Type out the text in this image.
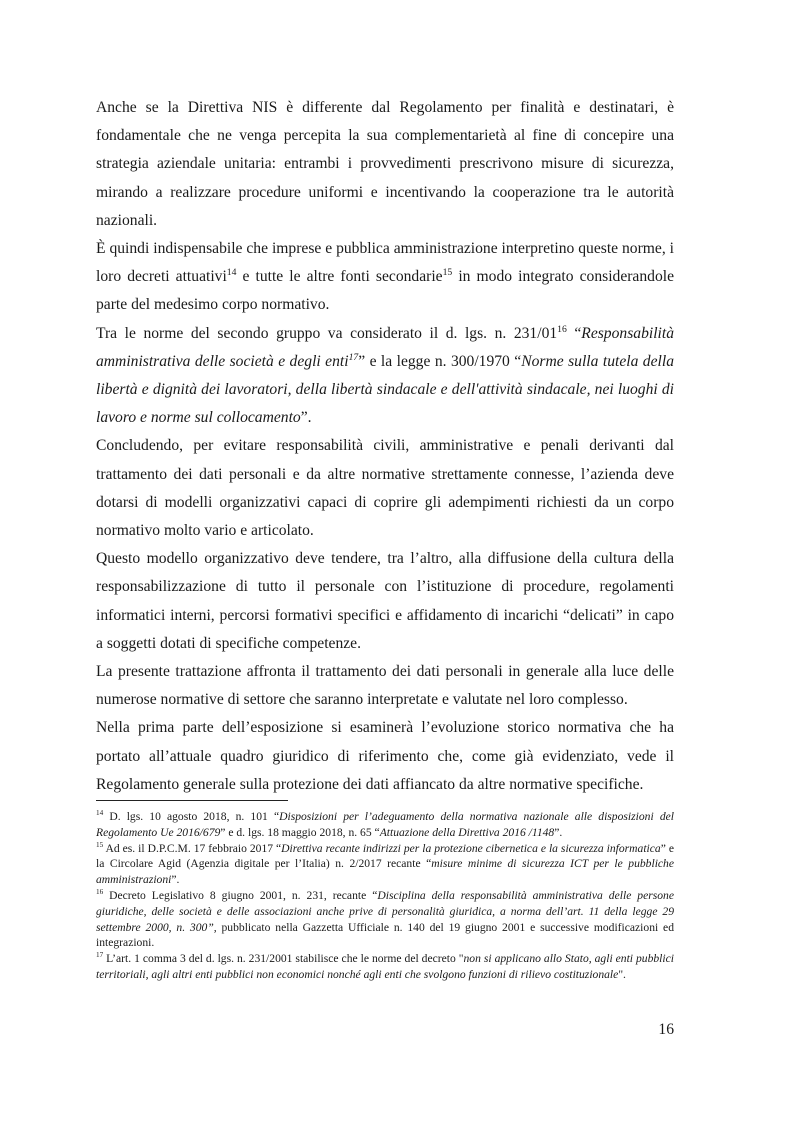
Anche se la Direttiva NIS è differente dal Regolamento per finalità e destinatari, è fondamentale che ne venga percepita la sua complementarietà al fine di concepire una strategia aziendale unitaria: entrambi i provvedimenti prescrivono misure di sicurezza, mirando a realizzare procedure uniformi e incentivando la cooperazione tra le autorità nazionali.

È quindi indispensabile che imprese e pubblica amministrazione interpretino queste norme, i loro decreti attuativi$^{14}$ e tutte le altre fonti secondarie$^{15}$ in modo integrato considerandole parte del medesimo corpo normativo.

Tra le norme del secondo gruppo va considerato il d. lgs. n. $231/01^{16}$ “Responsabilità amministrativa delle società e degli enti$^{17}$” e la legge n. 300/1970 “Norme sulla tutela della libertà e dignità dei lavoratori, della libertà sindacale e dell'attività sindacale, nei luoghi di lavoro e norme sul collocamento”.

Concludendo, per evitare responsabilità civili, amministrative e penali derivanti dal trattamento dei dati personali e da altre normative strettamente connesse, l’azienda deve dotarsi di modelli organizzativi capaci di coprire gli adempimenti richiesti da un corpo normativo molto vario e articolato.

Questo modello organizzativo deve tendere, tra l’altro, alla diffusione della cultura della responsabilizzazione di tutto il personale con l’istituzione di procedure, regolamenti informatici interni, percorsi formativi specifici e affidamento di incarichi “delicati” in capo a soggetti dotati di specifiche competenze.

La presente trattazione affronta il trattamento dei dati personali in generale alla luce delle numerose normative di settore che saranno interpretate e valutate nel loro complesso.

Nella prima parte dell’esposizione si esaminerà l’evoluzione storico normativa che ha portato all’attuale quadro giuridico di riferimento che, come già evidenziato, vede il Regolamento generale sulla protezione dei dati affiancato da altre normative specifiche.

$^{14}$ D. lgs. 10 agosto 2018, n. 101 “Disposizioni per l’adeguamento della normativa nazionale alle disposizioni del Regolamento Ue 2016/679” e d. lgs. 18 maggio 2018, n. 65 “Attuazione della Direttiva 2016 /1148”.

$^{15}$ Ad es. il D.P.C.M. 17 febbraio 2017 “Direttiva recante indirizzi per la protezione cibernetica e la sicurezza informatica” e la Circolare Agid (Agenzia digitale per l’Italia) n. 2/2017 recante “misure minime di sicurezza ICT per le pubbliche amministrazioni”.

$^{16}$ Decreto Legislativo 8 giugno 2001, n. 231, recante “Disciplina della responsabilità amministrativa delle persone giuridiche, delle società e delle associazioni anche prive di personalità giuridica, a norma dell’art. 11 della legge 29 settembre 2000, n. 300”, pubblicato nella Gazzetta Ufficiale n. 140 del 19 giugno 2001 e successive modificazioni ed integrazioni.

$^{17}$ L’art. 1 comma 3 del d. lgs. n. 231/2001 stabilisce che le norme del decreto "non si applicano allo Stato, agli enti pubblici territoriali, agli altri enti pubblici non economici nonché agli enti che svolgono funzioni di rilievo costituzionale".

16
